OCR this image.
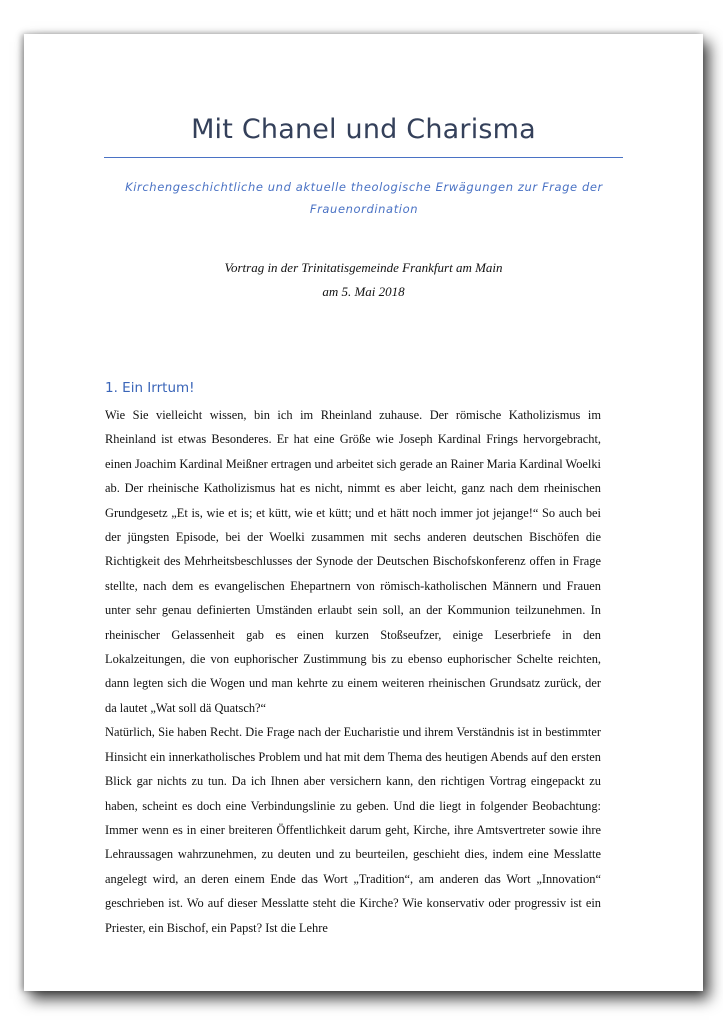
Mit Chanel und Charisma
Kirchengeschichtliche und aktuelle theologische Erwägungen zur Frage der Frauenordination
Vortrag in der Trinitatisgemeinde Frankfurt am Main
am 5. Mai 2018
1. Ein Irrtum!

Wie Sie vielleicht wissen, bin ich im Rheinland zuhause. Der römische Katholizismus im Rheinland ist etwas Besonderes. Er hat eine Größe wie Joseph Kardinal Frings hervorgebracht, einen Joachim Kardinal Meißner ertragen und arbeitet sich gerade an Rainer Maria Kardinal Woelki ab. Der rheinische Katholizismus hat es nicht, nimmt es aber leicht, ganz nach dem rheinischen Grundgesetz „Et is, wie et is; et kütt, wie et kütt; und et hätt noch immer jot jejange!“ So auch bei der jüngsten Episode, bei der Woelki zusammen mit sechs anderen deutschen Bischöfen die Richtigkeit des Mehrheitsbeschlusses der Synode der Deutschen Bischofskonferenz offen in Frage stellte, nach dem es evangelischen Ehepartnern von römisch-katholischen Männern und Frauen unter sehr genau definierten Umständen erlaubt sein soll, an der Kommunion teilzunehmen. In rheinischer Gelassenheit gab es einen kurzen Stoßseufzer, einige Leserbriefe in den Lokalzeitungen, die von euphorischer Zustimmung bis zu ebenso euphorischer Schelte reichten, dann legten sich die Wogen und man kehrte zu einem weiteren rheinischen Grundsatz zurück, der da lautet „Wat soll dä Quatsch?“

Natürlich, Sie haben Recht. Die Frage nach der Eucharistie und ihrem Verständnis ist in bestimmter Hinsicht ein innerkatholisches Problem und hat mit dem Thema des heutigen Abends auf den ersten Blick gar nichts zu tun. Da ich Ihnen aber versichern kann, den richtigen Vortrag eingepackt zu haben, scheint es doch eine Verbindungslinie zu geben. Und die liegt in folgender Beobachtung: Immer wenn es in einer breiteren Öffentlichkeit darum geht, Kirche, ihre Amtsvertreter sowie ihre Lehraussagen wahrzunehmen, zu deuten und zu beurteilen, geschieht dies, indem eine Messlatte angelegt wird, an deren einem Ende das Wort „Tradition“, am anderen das Wort „Innovation“ geschrieben ist. Wo auf dieser Messlatte steht die Kirche? Wie konservativ oder progressiv ist ein Priester, ein Bischof, ein Papst? Ist die Lehre
